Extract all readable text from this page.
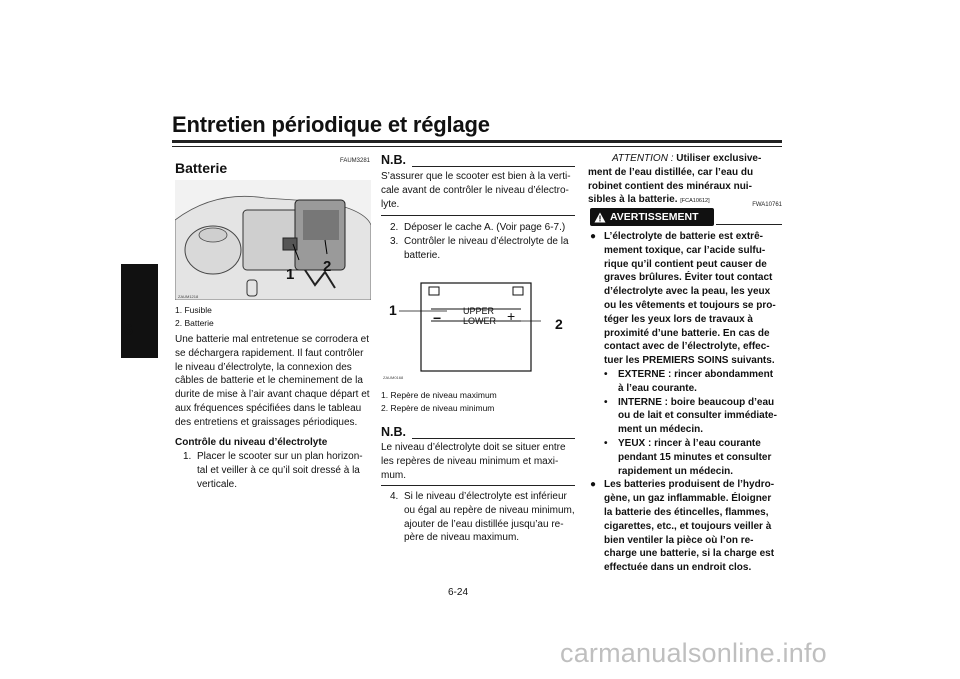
Entretien périodique et réglage
6
FAUM3281
Batterie
ZAUM1218
1 2
1. Fusible
2. Batterie
Une batterie mal entretenue se corrodera et
se déchargera rapidement. Il faut contrôler
le niveau d’électrolyte, la connexion des
câbles de batterie et le cheminement de la
durite de mise à l’air avant chaque départ et
aux fréquences spécifiées dans le tableau
des entretiens et graissages périodiques.
Contrôle du niveau d’électrolyte
1. Placer le scooter sur un plan horizon-
tal et veiller à ce qu’il soit dressé à la
verticale.
N.B.
S’assurer que le scooter est bien à la verti-
cale avant de contrôler le niveau d’électro-
lyte.
2. Déposer le cache A. (Voir page 6-7.)
3. Contrôler le niveau d’électrolyte de la
batterie.
ZAUM0168
−	+
UPPER
LOWER
1
2
1. Repère de niveau maximum
2. Repère de niveau minimum
N.B.
Le niveau d’électrolyte doit se situer entre
les repères de niveau minimum et maxi-
mum.
4. Si le niveau d’électrolyte est inférieur
ou égal au repère de niveau minimum,
ajouter de l’eau distillée jusqu’au re-
père de niveau maximum.
ATTENTION : Utiliser exclusive-
ment de l’eau distillée, car l’eau du
robinet contient des minéraux nui-
sibles à la batterie. [FCA10612]
AVERTISSEMENT
FWA10761
● L’électrolyte de batterie est extrê-
mement toxique, car l’acide sulfu-
rique qu’il contient peut causer de
graves brûlures. Éviter tout contact
d’électrolyte avec la peau, les yeux
ou les vêtements et toujours se pro-
téger les yeux lors de travaux à
proximité d’une batterie. En cas de
contact avec de l’électrolyte, effec-
tuer les PREMIERS SOINS suivants.
• EXTERNE : rincer abondamment
à l’eau courante.
• INTERNE : boire beaucoup d’eau
ou de lait et consulter immédiate-
ment un médecin.
• YEUX : rincer à l’eau courante
pendant 15 minutes et consulter
rapidement un médecin.
● Les batteries produisent de l’hydro-
gène, un gaz inflammable. Éloigner
la batterie des étincelles, flammes,
cigarettes, etc., et toujours veiller à
bien ventiler la pièce où l’on re-
charge une batterie, si la charge est
effectuée dans un endroit clos.
6-24
carmanualsonline.info
